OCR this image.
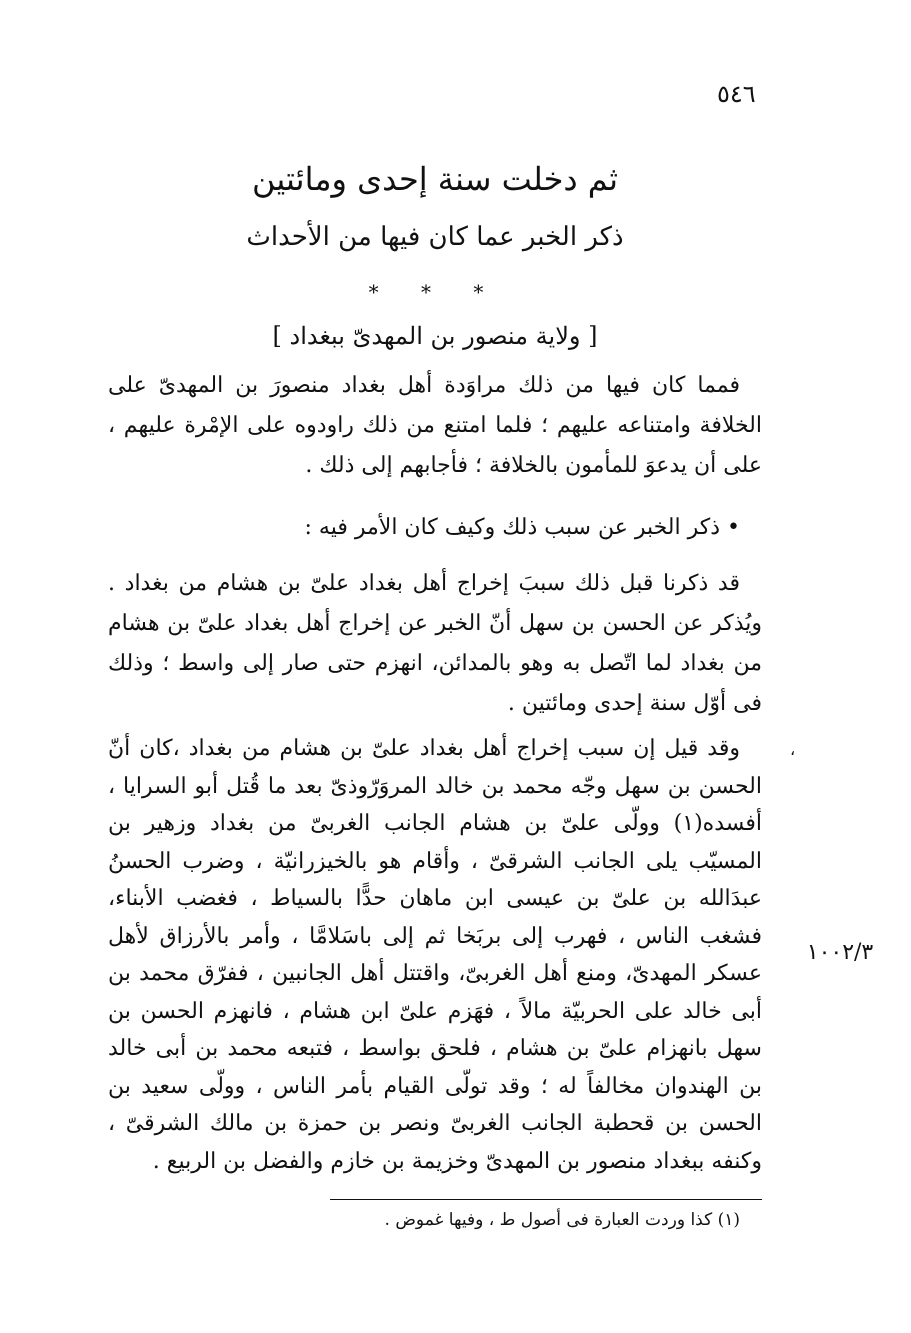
٥٤٦
ثم دخلت سنة إحدى ومائتين
ذكر الخبر عما كان فيها من الأحداث
* * *
[ ولاية منصور بن المهدىّ ببغداد ]

فمما كان فيها من ذلك مراوَدة أهل بغداد منصورَ بن المهدىّ على الخلافة وامتناعه عليهم ؛ فلما امتنع من ذلك راودوه على الإمْرة عليهم ، على أن يدعوَ للمأمون بالخلافة ؛ فأجابهم إلى ذلك .

• ذكر الخبر عن سبب ذلك وكيف كان الأمر فيه :

قد ذكرنا قبل ذلك سببَ إخراج أهل بغداد علىّ بن هشام من بغداد . ويُذكر عن الحسن بن سهل أنّ الخبر عن إخراج أهل بغداد علىّ بن هشام من بغداد لما اتّصل به وهو بالمدائن، انهزم حتى صار إلى واسط ؛ وذلك فى أوّل سنة إحدى ومائتين .

وقد قيل إن سبب إخراج أهل بغداد علىّ بن هشام من بغداد ،كان أنّ الحسن بن سهل وجّه محمد بن خالد المروَرّوذىّ بعد ما قُتل أبو السرايا ، أفسده(١) وولّى علىّ بن هشام الجانب الغربىّ من بغداد وزهير بن المسيّب يلى الجانب الشرقىّ ، وأقام هو بالخيزرانيّة ، وضرب الحسنُ عبدَالله بن علىّ بن عيسى ابن ماهان حدًّا بالسياط ، فغضب الأبناء، فشغب الناس ، فهرب إلى بربَخا ثم إلى باسَلامَّا ، وأمر بالأرزاق لأهل عسكر المهدىّ، ومنع أهل الغربىّ، واقتتل أهل الجانبين ، ففرّق محمد بن أبى خالد على الحربيّة مالاً ، فهَزم علىّ ابن هشام ، فانهزم الحسن بن سهل بانهزام علىّ بن هشام ، فلحق بواسط ، فتبعه محمد بن أبى خالد بن الهندوان مخالفاً له ؛ وقد تولّى القيام بأمر الناس ، وولّى سعيد بن الحسن بن قحطبة الجانب الغربىّ ونصر بن حمزة بن مالك الشرقىّ ، وكنفه ببغداد منصور بن المهدىّ وخزيمة بن خازم والفضل بن الربيع .

،
١٠٠٢/٣
(١) كذا وردت العبارة فى أصول ط ، وفيها غموض .
